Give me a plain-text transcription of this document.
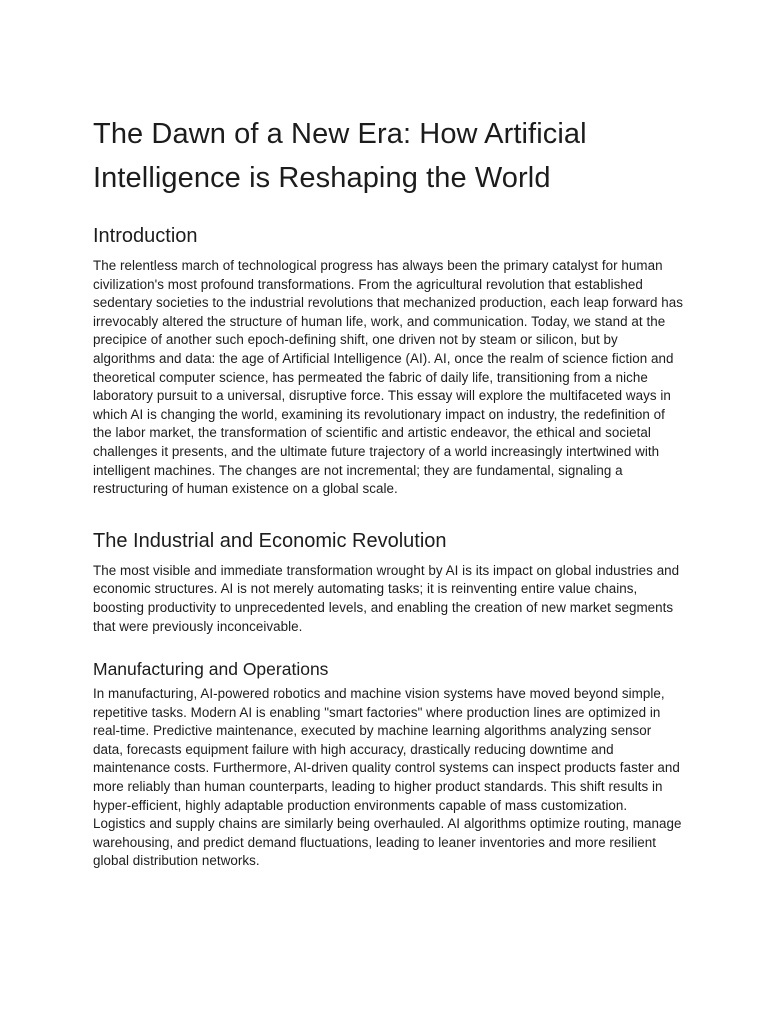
The Dawn of a New Era: How Artificial Intelligence is Reshaping the World
Introduction

The relentless march of technological progress has always been the primary catalyst for human civilization's most profound transformations. From the agricultural revolution that established sedentary societies to the industrial revolutions that mechanized production, each leap forward has irrevocably altered the structure of human life, work, and communication. Today, we stand at the precipice of another such epoch-defining shift, one driven not by steam or silicon, but by algorithms and data: the age of Artificial Intelligence (AI). AI, once the realm of science fiction and theoretical computer science, has permeated the fabric of daily life, transitioning from a niche laboratory pursuit to a universal, disruptive force. This essay will explore the multifaceted ways in which AI is changing the world, examining its revolutionary impact on industry, the redefinition of the labor market, the transformation of scientific and artistic endeavor, the ethical and societal challenges it presents, and the ultimate future trajectory of a world increasingly intertwined with intelligent machines. The changes are not incremental; they are fundamental, signaling a restructuring of human existence on a global scale.

The Industrial and Economic Revolution

The most visible and immediate transformation wrought by AI is its impact on global industries and economic structures. AI is not merely automating tasks; it is reinventing entire value chains, boosting productivity to unprecedented levels, and enabling the creation of new market segments that were previously inconceivable.

Manufacturing and Operations

In manufacturing, AI-powered robotics and machine vision systems have moved beyond simple, repetitive tasks. Modern AI is enabling "smart factories" where production lines are optimized in real-time. Predictive maintenance, executed by machine learning algorithms analyzing sensor data, forecasts equipment failure with high accuracy, drastically reducing downtime and maintenance costs. Furthermore, AI-driven quality control systems can inspect products faster and more reliably than human counterparts, leading to higher product standards. This shift results in hyper-efficient, highly adaptable production environments capable of mass customization. Logistics and supply chains are similarly being overhauled. AI algorithms optimize routing, manage warehousing, and predict demand fluctuations, leading to leaner inventories and more resilient global distribution networks.
